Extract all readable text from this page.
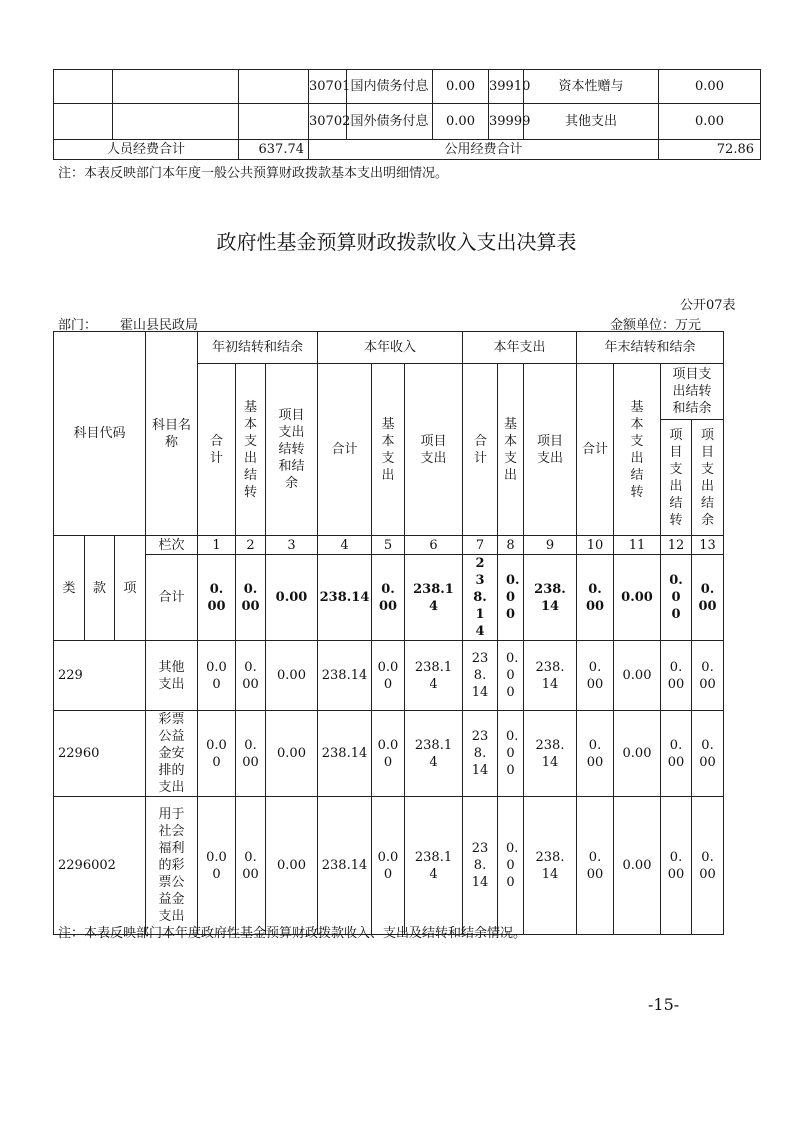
			30701	国内债务付息	0.00	39910	资本性赠与	0.00
			30702	国外债务付息	0.00	39999	其他支出	0.00
人员经费合计		637.74	公用经费合计					72.86
注：本表反映部门本年度一般公共预算财政拨款基本支出明细情况。
政府性基金预算财政拨款收入支出决算表
公开07表
部门： 霍山县民政局	金额单位：万元
科目代码			科目名称	年初结转和结余			本年收入			本年支出			年末结转和结余			
				合计	基本支出结转	项目支出结转和结余	合计	基本支出	项目支出	合计	基本支出	项目支出	合计	基本支出结转	项目支出结转和结余	
															项目支出结转	项目支出结余
类	款	项	栏次	1	2	3	4	5	6	7	8	9	10	11	12	13
			合计	0.00	0.00	0.00	238.14	0.00	238.14	238.14	0.00	238.14	0.00	0.00	0.00	0.00
229			其他支出	0.00	0.00	0.00	238.14	0.00	238.14	238.14	0.00	238.14	0.00	0.00	0.00	0.00
22960			彩票公益金安排的支出	0.00	0.00	0.00	238.14	0.00	238.14	238.14	0.00	238.14	0.00	0.00	0.00	0.00
2296002			用于社会福利的彩票公益金支出	0.00	0.00	0.00	238.14	0.00	238.14	238.14	0.00	238.14	0.00	0.00	0.00	0.00
注：本表反映部门本年度政府性基金预算财政拨款收入、支出及结转和结余情况。
-15-
